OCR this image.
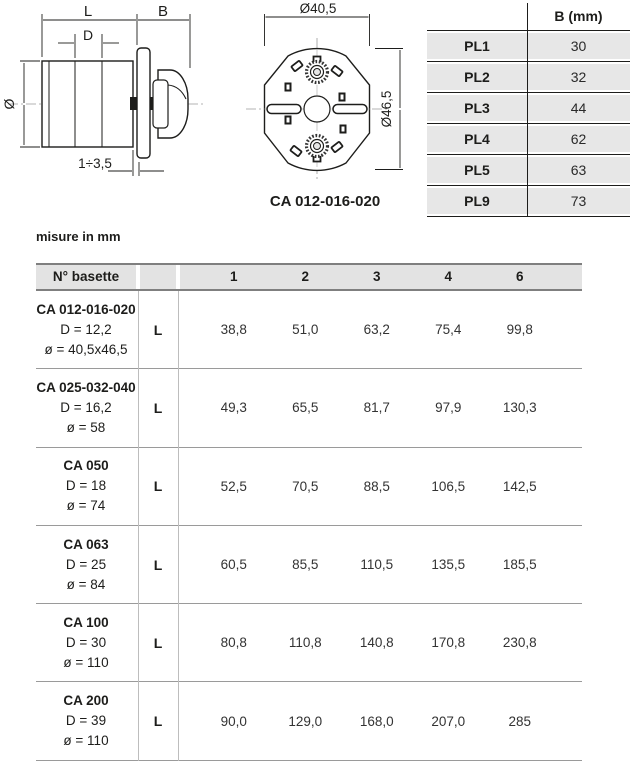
L	B
D
Ø
1÷3,5
Ø40,5
Ø46,5
CA 012-016-020
B (mm)
PL1	30
PL2	32
PL3	44
PL4	62
PL5	63
PL9	73
misure in mm
N° basette	1	2	3	4	6
CA 012-016-020
D = 12,2
ø = 40,5x46,5
L	38,8	51,0	63,2	75,4	99,8
CA 025-032-040
D = 16,2
ø = 58
L	49,3	65,5	81,7	97,9	130,3
CA 050
D = 18
ø = 74
L	52,5	70,5	88,5	106,5	142,5
CA 063
D = 25
ø = 84
L	60,5	85,5	110,5	135,5	185,5
CA 100
D = 30
ø = 110
L	80,8	110,8	140,8	170,8	230,8
CA 200
D = 39
ø = 110
L	90,0	129,0	168,0	207,0	285
